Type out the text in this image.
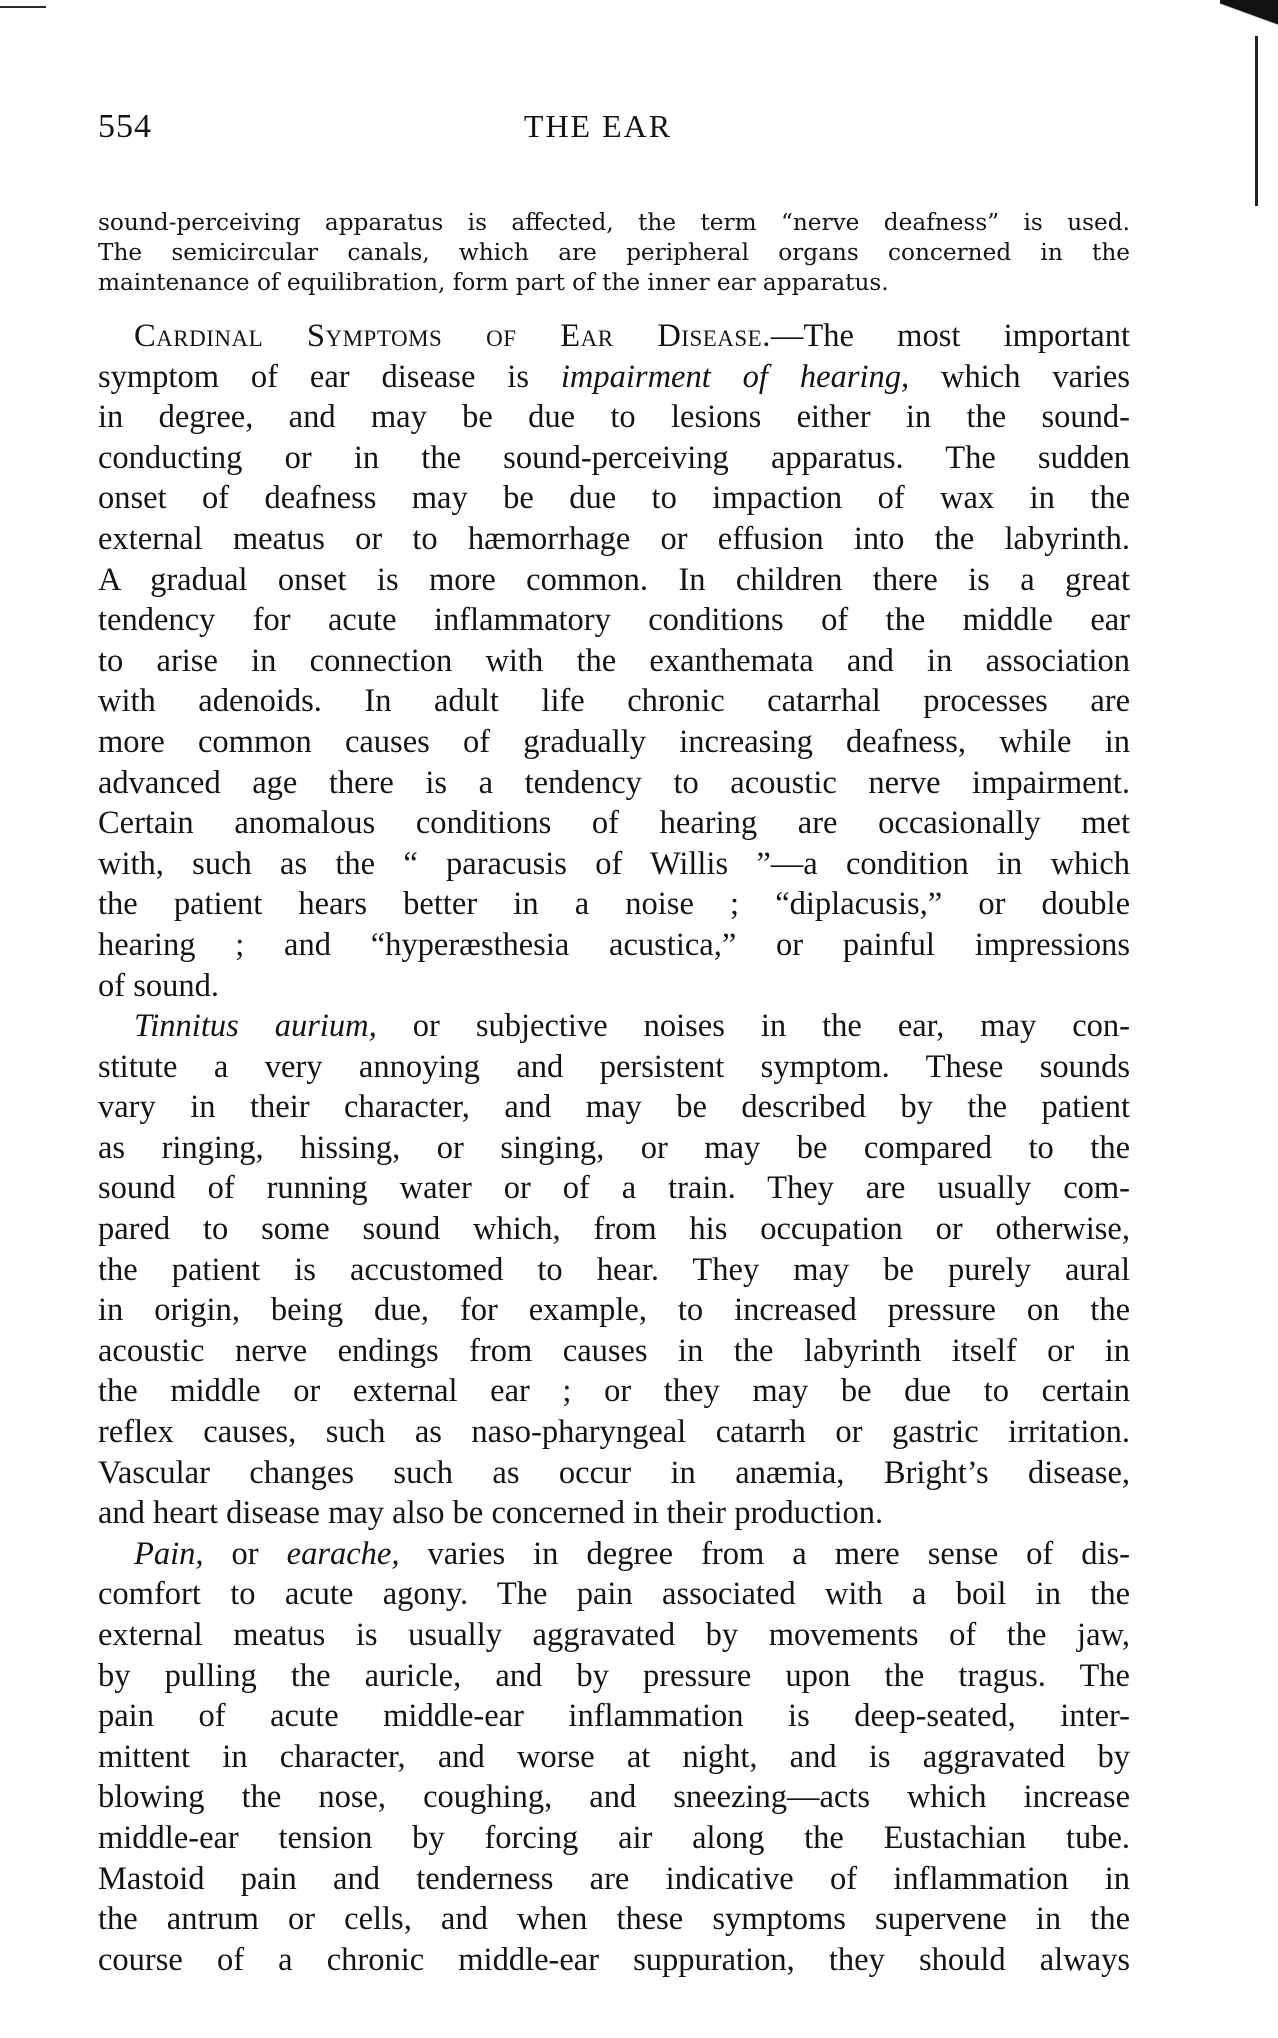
554	THE EAR
sound-perceiving apparatus is affected, the term “nerve deafness” is used.
The semicircular canals, which are peripheral organs concerned in the
maintenance of equilibration, form part of the inner ear apparatus.
Cardinal Symptoms of Ear Disease.—The most important
symptom of ear disease is impairment of hearing, which varies
in degree, and may be due to lesions either in the sound-
conducting or in the sound-perceiving apparatus. The sudden
onset of deafness may be due to impaction of wax in the
external meatus or to hæmorrhage or effusion into the labyrinth.
A gradual onset is more common. In children there is a great
tendency for acute inflammatory conditions of the middle ear
to arise in connection with the exanthemata and in association
with adenoids. In adult life chronic catarrhal processes are
more common causes of gradually increasing deafness, while in
advanced age there is a tendency to acoustic nerve impairment.
Certain anomalous conditions of hearing are occasionally met
with, such as the “ paracusis of Willis ”—a condition in which
the patient hears better in a noise ; “diplacusis,” or double
hearing ; and “hyperæsthesia acustica,” or painful impressions
of sound.
Tinnitus aurium, or subjective noises in the ear, may con-
stitute a very annoying and persistent symptom. These sounds
vary in their character, and may be described by the patient
as ringing, hissing, or singing, or may be compared to the
sound of running water or of a train. They are usually com-
pared to some sound which, from his occupation or otherwise,
the patient is accustomed to hear. They may be purely aural
in origin, being due, for example, to increased pressure on the
acoustic nerve endings from causes in the labyrinth itself or in
the middle or external ear ; or they may be due to certain
reflex causes, such as naso-pharyngeal catarrh or gastric irritation.
Vascular changes such as occur in anæmia, Bright’s disease,
and heart disease may also be concerned in their production.
Pain, or earache, varies in degree from a mere sense of dis-
comfort to acute agony. The pain associated with a boil in the
external meatus is usually aggravated by movements of the jaw,
by pulling the auricle, and by pressure upon the tragus. The
pain of acute middle-ear inflammation is deep-seated, inter-
mittent in character, and worse at night, and is aggravated by
blowing the nose, coughing, and sneezing—acts which increase
middle-ear tension by forcing air along the Eustachian tube.
Mastoid pain and tenderness are indicative of inflammation in
the antrum or cells, and when these symptoms supervene in the
course of a chronic middle-ear suppuration, they should always
